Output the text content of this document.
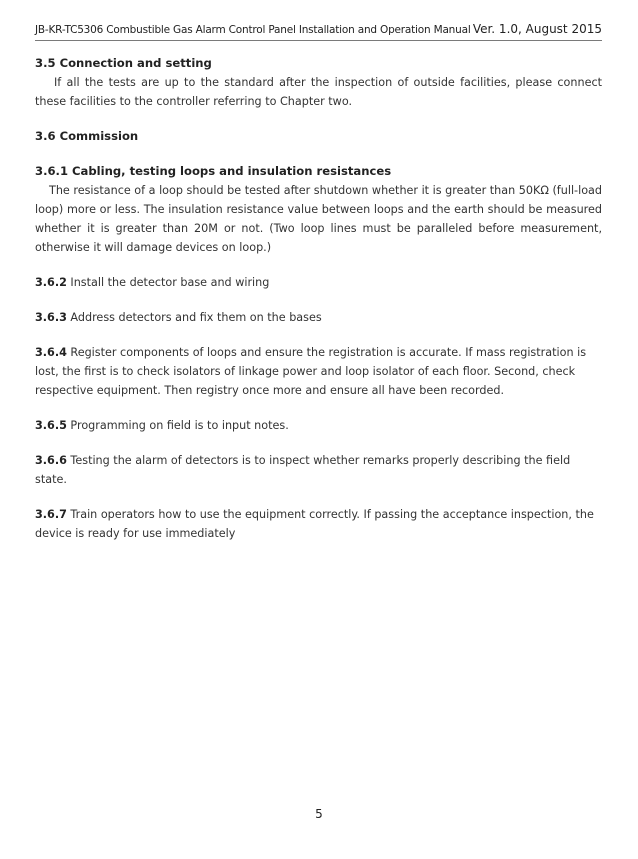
JB-KR-TC5306 Combustible Gas Alarm Control Panel Installation and Operation Manual Ver. 1.0, August 2015

3.5 Connection and setting

If all the tests are up to the standard after the inspection of outside facilities, please connect these facilities to the controller referring to Chapter two.

3.6 Commission

3.6.1 Cabling, testing loops and insulation resistances

The resistance of a loop should be tested after shutdown whether it is greater than 50KΩ (full-load loop) more or less. The insulation resistance value between loops and the earth should be measured whether it is greater than 20M or not. (Two loop lines must be paralleled before measurement, otherwise it will damage devices on loop.)

3.6.2 Install the detector base and wiring

3.6.3 Address detectors and fix them on the bases

3.6.4 Register components of loops and ensure the registration is accurate. If mass registration is lost, the first is to check isolators of linkage power and loop isolator of each floor. Second, check respective equipment. Then registry once more and ensure all have been recorded.

3.6.5 Programming on field is to input notes.

3.6.6 Testing the alarm of detectors is to inspect whether remarks properly describing the field state.

3.6.7 Train operators how to use the equipment correctly. If passing the acceptance inspection, the device is ready for use immediately

5
